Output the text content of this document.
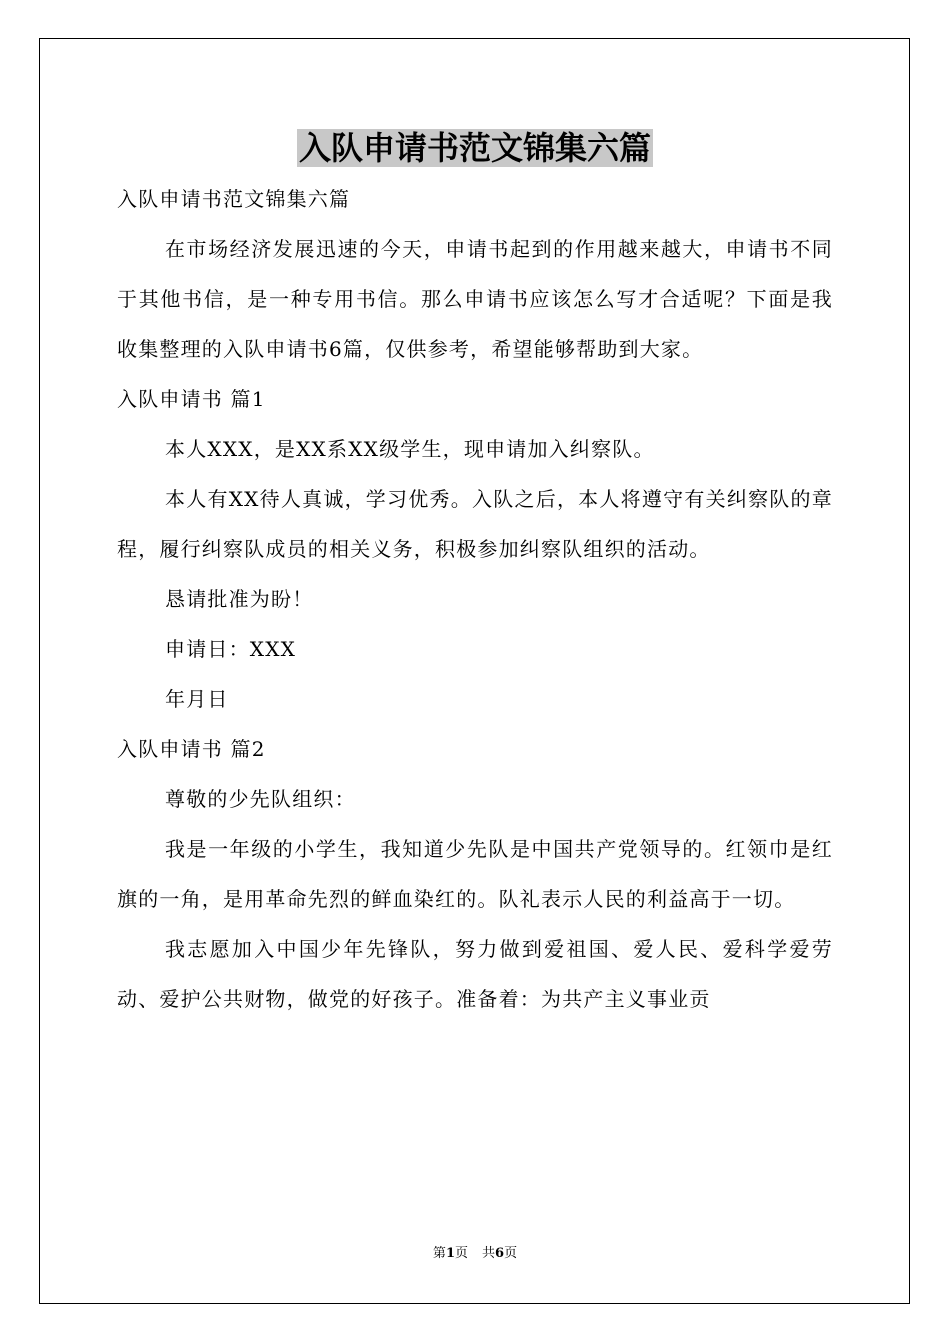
入队申请书范文锦集六篇

入队申请书范文锦集六篇

在市场经济发展迅速的今天，申请书起到的作用越来越大，申请书不同于其他书信，是一种专用书信。那么申请书应该怎么写才合适呢？下面是我收集整理的入队申请书6篇，仅供参考，希望能够帮助到大家。

入队申请书 篇1

本人XXX，是XX系XX级学生，现申请加入纠察队。

本人有XX待人真诚，学习优秀。入队之后，本人将遵守有关纠察队的章程，履行纠察队成员的相关义务，积极参加纠察队组织的活动。

恳请批准为盼！

申请日：XXX

年月日

入队申请书 篇2

尊敬的少先队组织：

我是一年级的小学生，我知道少先队是中国共产党领导的。红领巾是红旗的一角，是用革命先烈的鲜血染红的。队礼表示人民的利益高于一切。

我志愿加入中国少年先锋队，努力做到爱祖国、爱人民、爱科学爱劳动、爱护公共财物，做党的好孩子。准备着：为共产主义事业贡

第1页 共6页
